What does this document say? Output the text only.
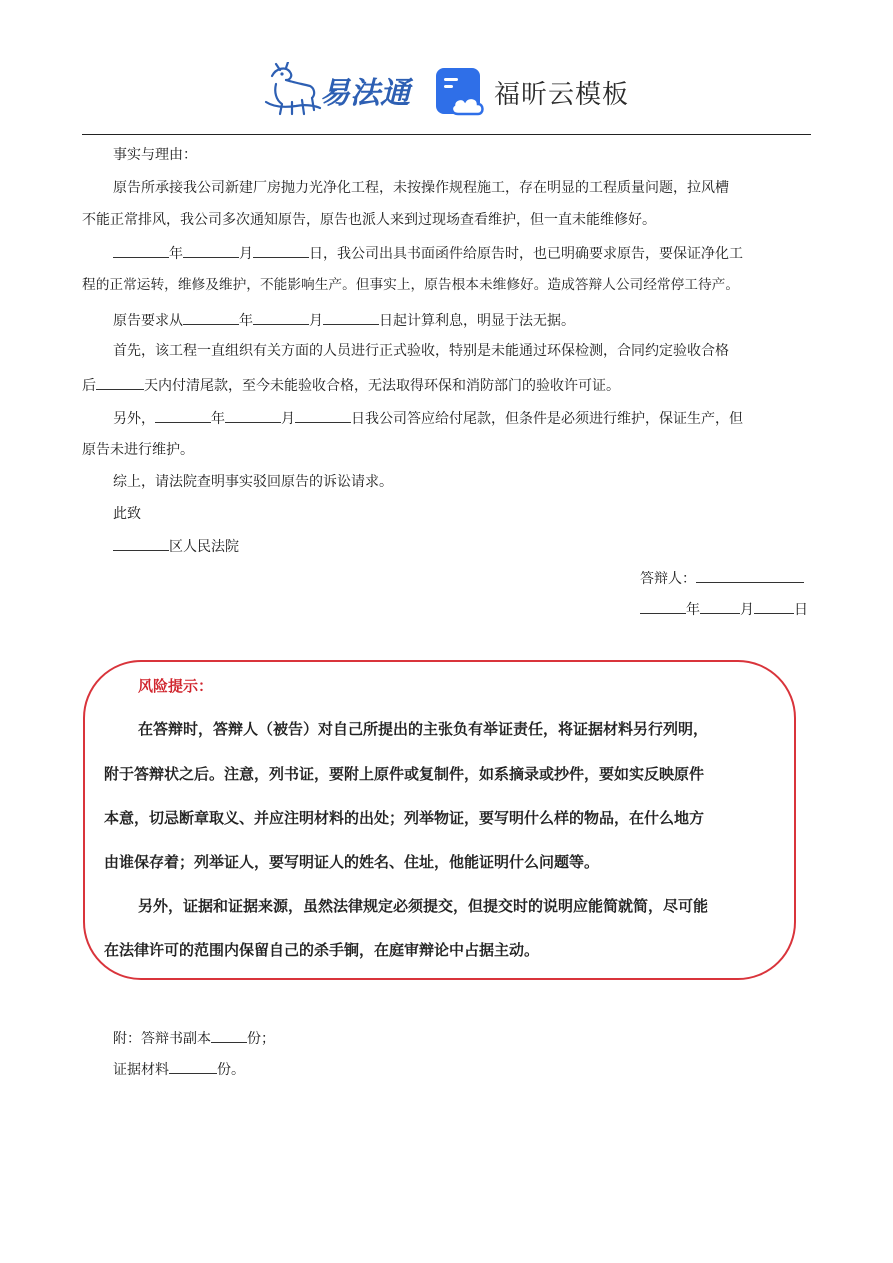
易法通	福昕云模板
事实与理由：
原告所承接我公司新建厂房抛力光净化工程，未按操作规程施工，存在明显的工程质量问题，拉风槽
不能正常排风，我公司多次通知原告，原告也派人来到过现场查看维护，但一直未能维修好。
年	月	日，我公司出具书面函件给原告时，也已明确要求原告，要保证净化工
程的正常运转，维修及维护，不能影响生产。但事实上，原告根本未维修好。造成答辩人公司经常停工待产。
原告要求从	年	月	日起计算利息，明显于法无据。
首先，该工程一直组织有关方面的人员进行正式验收，特别是未能通过环保检测，合同约定验收合格
后	天内付清尾款，至今未能验收合格，无法取得环保和消防部门的验收许可证。
另外，	年	月	日我公司答应给付尾款，但条件是必须进行维护，保证生产，但
原告未进行维护。
综上，请法院查明事实驳回原告的诉讼请求。
此致
区人民法院
答辩人：
年	月	日
风险提示：
在答辩时，答辩人（被告）对自己所提出的主张负有举证责任，将证据材料另行列明，
附于答辩状之后。注意，列书证，要附上原件或复制件，如系摘录或抄件，要如实反映原件
本意，切忌断章取义、并应注明材料的出处；列举物证，要写明什么样的物品，在什么地方
由谁保存着；列举证人，要写明证人的姓名、住址，他能证明什么问题等。
另外，证据和证据来源，虽然法律规定必须提交，但提交时的说明应能简就简，尽可能
在法律许可的范围内保留自己的杀手锏，在庭审辩论中占据主动。
附：答辩书副本	份；
证据材料	份。
